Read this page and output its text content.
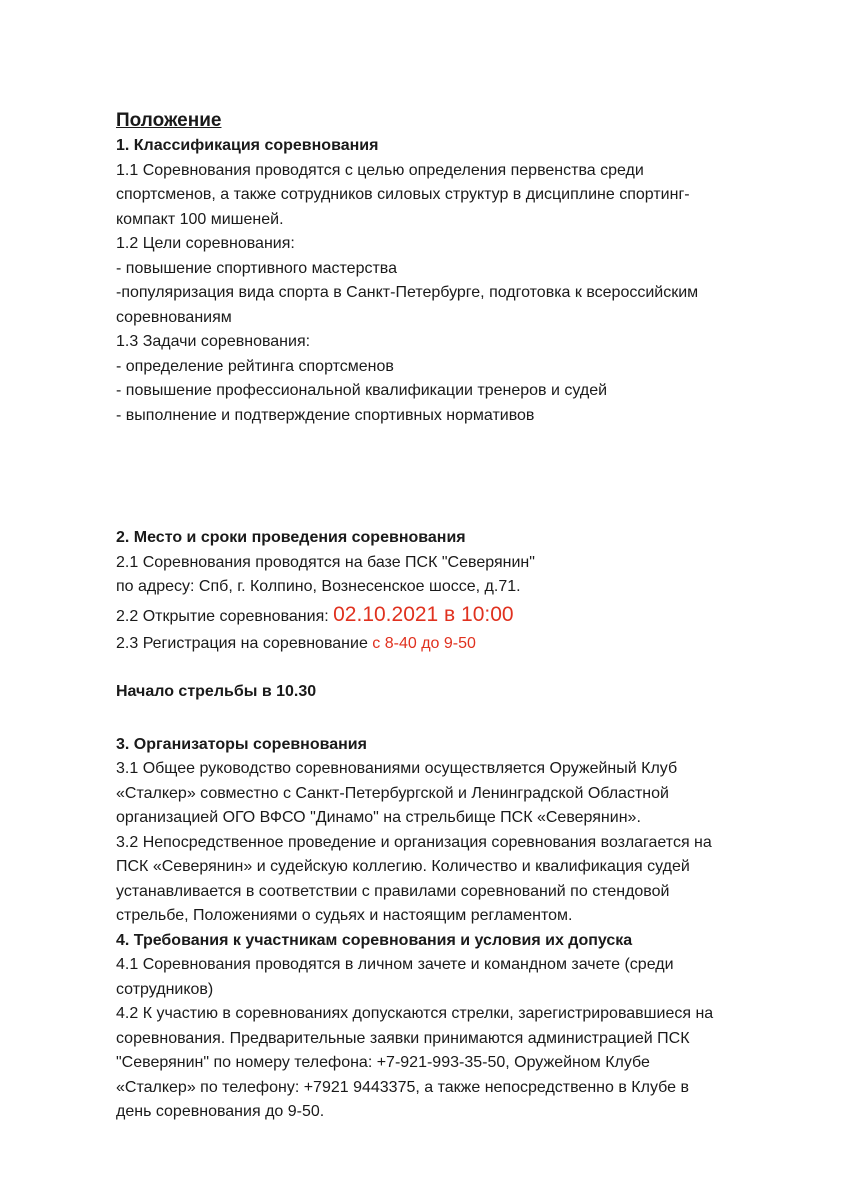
Положение
1. Классификация соревнования
1.1 Соревнования проводятся с целью определения первенства среди
спортсменов, а также сотрудников силовых структур в дисциплине спортинг-
компакт 100 мишеней.
1.2 Цели соревнования:
- повышение спортивного мастерства
-популяризация вида спорта в Санкт-Петербурге, подготовка к всероссийским
соревнованиям
1.3 Задачи соревнования:
- определение рейтинга спортсменов
- повышение профессиональной квалификации тренеров и судей
- выполнение и подтверждение спортивных нормативов
2. Место и сроки проведения соревнования
2.1 Соревнования проводятся на базе ПСК "Северянин"
по адресу: Спб, г. Колпино, Вознесенское шоссе, д.71.
2.2 Открытие соревнования: 02.10.2021 в 10:00
2.3 Регистрация на соревнование с 8-40 до 9-50
Начало стрельбы в 10.30
3. Организаторы соревнования
3.1 Общее руководство соревнованиями осуществляется Оружейный Клуб
«Сталкер» совместно с Санкт-Петербургской и Ленинградской Областной
организацией ОГО ВФСО "Динамо" на стрельбище ПСК «Северянин».
3.2 Непосредственное проведение и организация соревнования возлагается на
ПСК «Северянин» и судейскую коллегию. Количество и квалификация судей
устанавливается в соответствии с правилами соревнований по стендовой
стрельбе, Положениями о судьях и настоящим регламентом.
4. Требования к участникам соревнования и условия их допуска
4.1 Соревнования проводятся в личном зачете и командном зачете (среди
сотрудников)
4.2 К участию в соревнованиях допускаются стрелки, зарегистрировавшиеся на
соревнования. Предварительные заявки принимаются администрацией ПСК
"Северянин" по номеру телефона: +7-921-993-35-50, Оружейном Клубе
«Сталкер» по телефону: +7921 9443375, а также непосредственно в Клубе в
день соревнования до 9-50.
